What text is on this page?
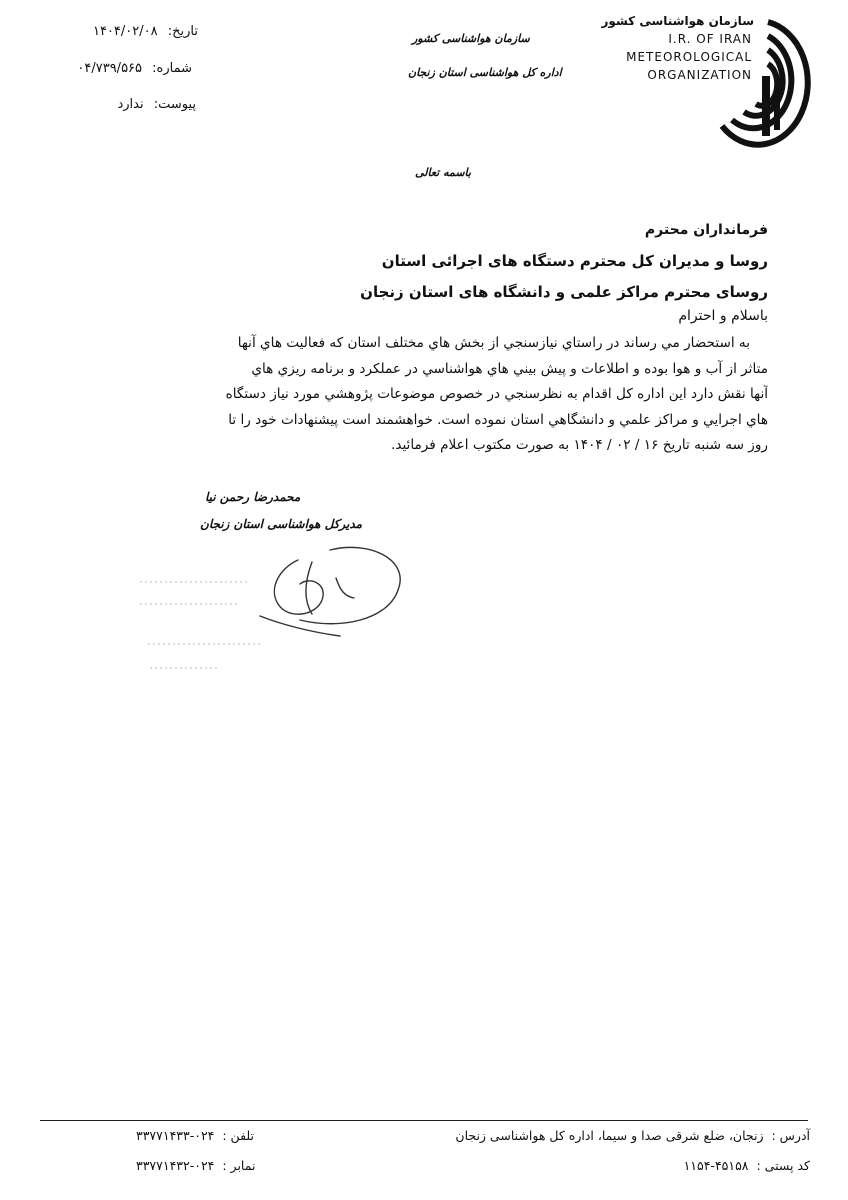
سازمان هواشناسی کشور
I.R. OF IRAN
METEOROLOGICAL
ORGANIZATION
سازمان هواشناسی کشور
اداره کل هواشناسی استان زنجان
باسمه تعالی
تاریخ: ۱۴۰۴/۰۲/۰۸
شماره: ۰۴/۷۳۹/۵۶۵
پیوست: ندارد
فرمانداران محترم
روسا و مدیران کل محترم دستگاه های اجرائی استان
روسای محترم مراکز علمی و دانشگاه های استان زنجان
باسلام و احترام
به استحضار مي رساند در راستاي نيازسنجي از بخش هاي مختلف استان كه فعاليت هاي آنها
متاثر از آب و هوا بوده و اطلاعات و پيش بيني هاي هواشناسي در عملكرد و برنامه ريزي هاي
آنها نقش دارد اين اداره كل اقدام به نظرسنجي در خصوص موضوعات پژوهشي مورد نياز دستگاه
هاي اجرايي و مراكز علمي و دانشگاهي استان نموده است. خواهشمند است پيشنهادات خود را تا
روز سه شنبه تاريخ ۱۶ / ۰۲ / ۱۴۰۴ به صورت مكتوب اعلام فرمائيد.
محمدرضا رحمن نیا
مدیرکل هواشناسی استان زنجان
آدرس : زنجان، ضلع شرقی صدا و سیما، اداره کل هواشناسی زنجان
کد پستی : ۴۵۱۵۸-۱۱۵۴
تلفن : ۰۲۴-۳۳۷۷۱۴۳۳
نمابر : ۰۲۴-۳۳۷۷۱۴۳۲
